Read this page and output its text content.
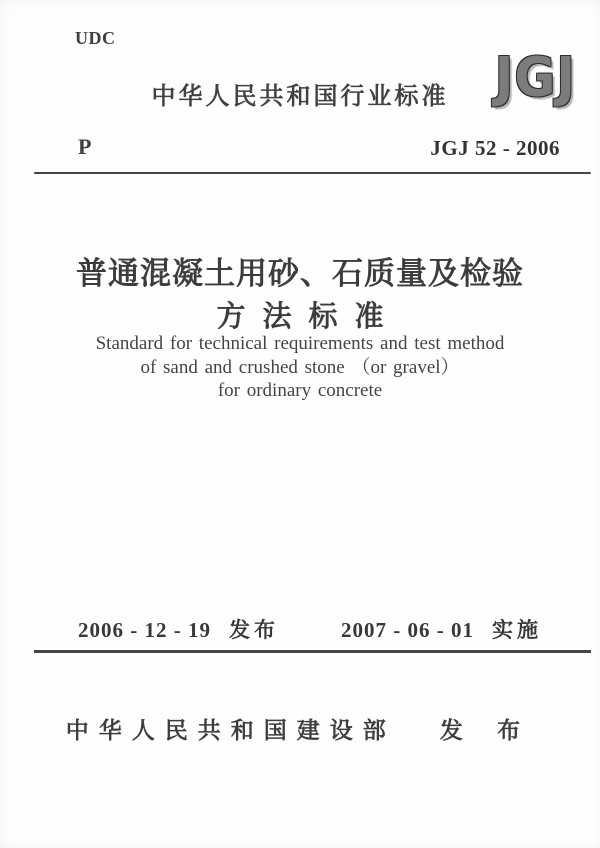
UDC
中华人民共和国行业标准 JGJ
P	JGJ 52 - 2006
普通混凝土用砂、石质量及检验
方法标准
Standard for technical requirements and test method
of sand and crushed stone （or gravel）
for ordinary concrete
2006 - 12 - 19 发布	2007 - 06 - 01 实施
中华人民共和国建设部 发 布
